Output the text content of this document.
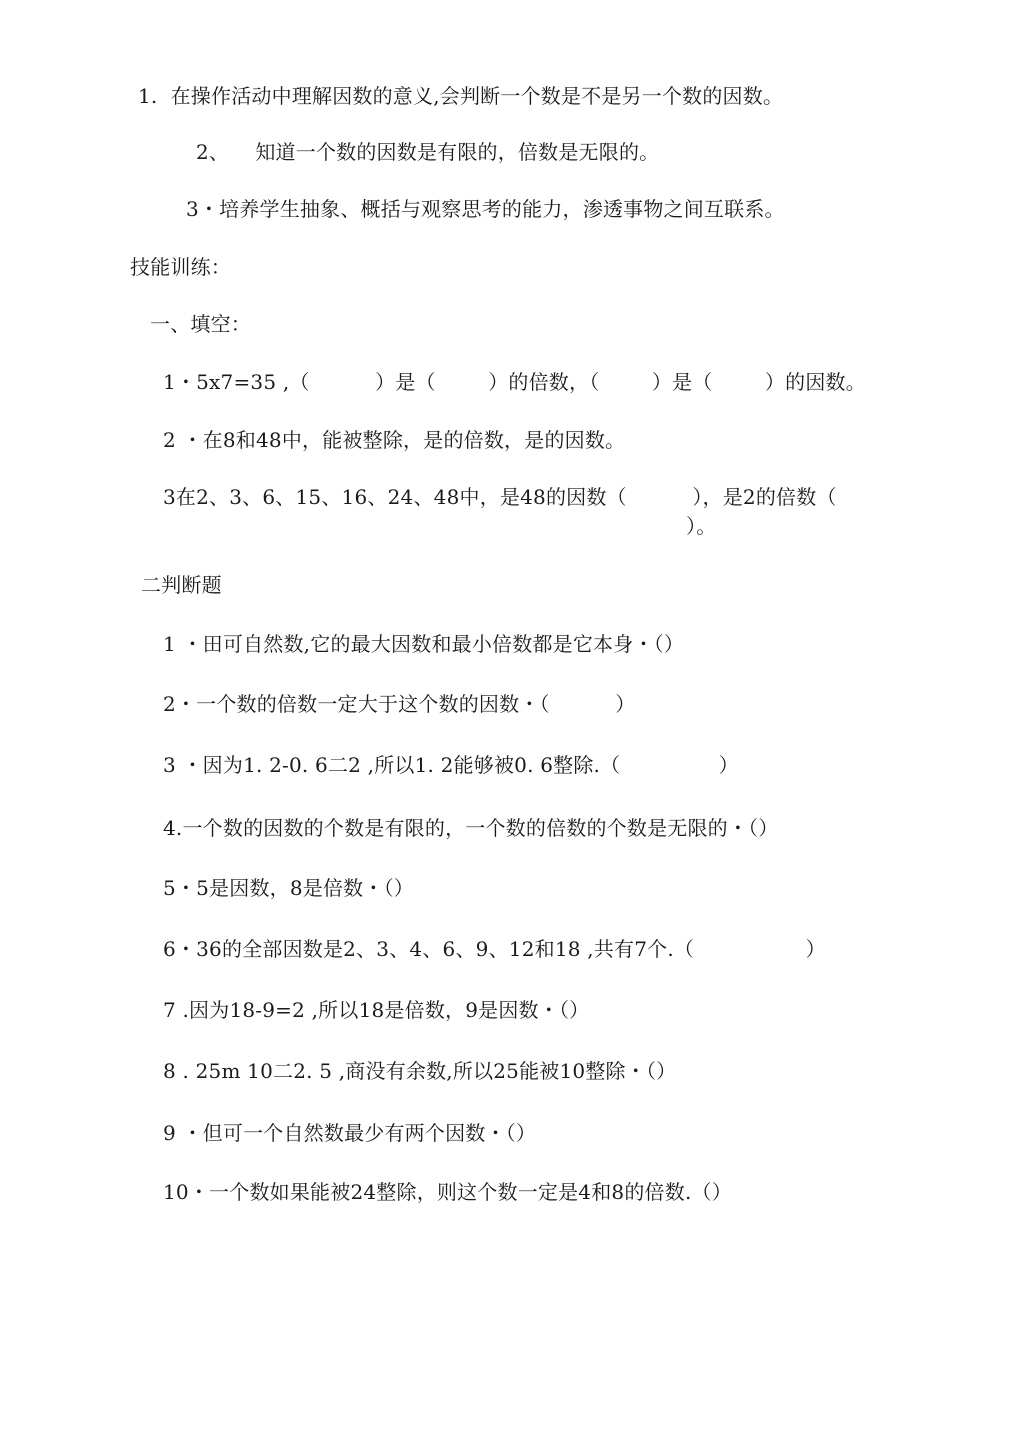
1.  在操作活动中理解因数的意义,会判断一个数是不是另一个数的因数。
2、    知道一个数的因数是有限的，倍数是无限的。
3・培养学生抽象、概括与观察思考的能力，渗透事物之间互联系。
技能训练：
一、填空：
1・5x7=35 ,（          ）是（        ）的倍数，（        ）是（        ）的因数。
2 ・在8和48中，能被整除，是的倍数，是的因数。
3在2、3、6、15、16、24、48中，是48的因数（          ），是2的倍数（
）。
二判断题
1 ・田可自然数,它的最大因数和最小倍数都是它本身・（）
2・一个数的倍数一定大于这个数的因数・（          ）
3 ・因为1. 2-0. 6二2 ,所以1. 2能够被0. 6整除.（               ）
4.一个数的因数的个数是有限的，一个数的倍数的个数是无限的・（）
5・5是因数，8是倍数・（）
6・36的全部因数是2、3、4、6、9、12和18 ,共有7个.（                 ）
7 .因为18-9=2 ,所以18是倍数，9是因数・（）
8 . 25m 10二2. 5 ,商没有余数,所以25能被10整除・（）
9 ・但可一个自然数最少有两个因数・（）
10・一个数如果能被24整除，则这个数一定是4和8的倍数.（）
